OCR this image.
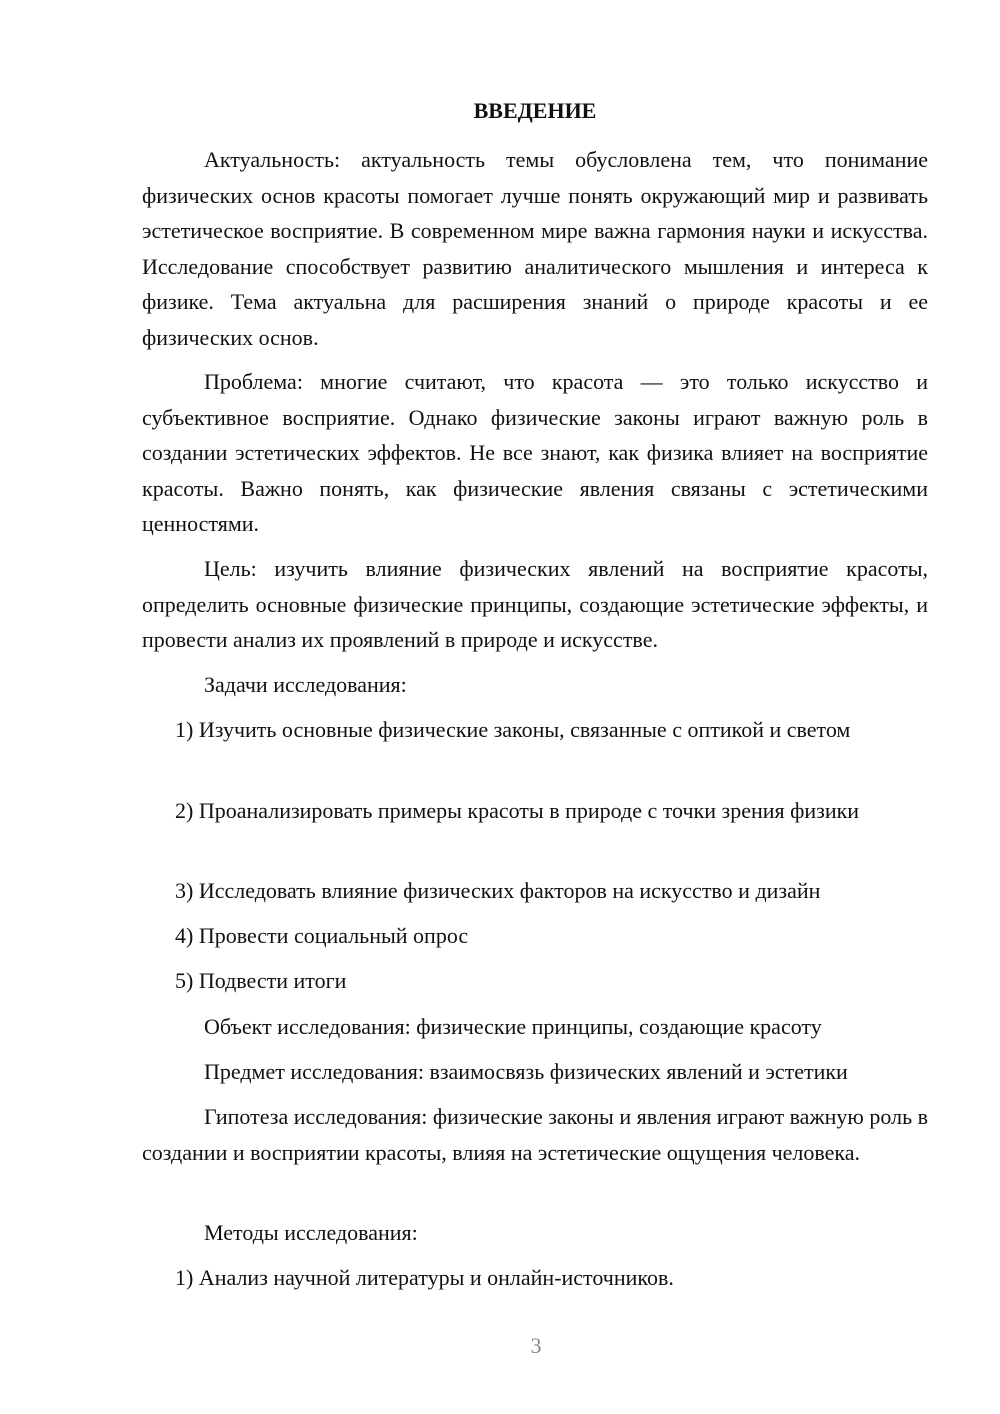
ВВЕДЕНИЕ

Актуальность: актуальность темы обусловлена тем, что понимание физических основ красоты помогает лучше понять окружающий мир и развивать эстетическое восприятие. В современном мире важна гармония науки и искусства. Исследование способствует развитию аналитического мышления и интереса к физике. Тема актуальна для расширения знаний о природе красоты и ее физических основ.

Проблема: многие считают, что красота — это только искусство и субъективное восприятие. Однако физические законы играют важную роль в создании эстетических эффектов. Не все знают, как физика влияет на восприятие красоты. Важно понять, как физические явления связаны с эстетическими ценностями.

Цель: изучить влияние физических явлений на восприятие красоты, определить основные физические принципы, создающие эстетические эффекты, и провести анализ их проявлений в природе и искусстве.

Задачи исследования:

1) Изучить основные физические законы, связанные с оптикой и светом

2) Проанализировать примеры красоты в природе с точки зрения физики

3) Исследовать влияние физических факторов на искусство и дизайн

4) Провести социальный опрос

5) Подвести итоги

Объект исследования: физические принципы, создающие красоту

Предмет исследования: взаимосвязь физических явлений и эстетики

Гипотеза исследования: физические законы и явления играют важную роль в создании и восприятии красоты, влияя на эстетические ощущения человека.

Методы исследования:

1) Анализ научной литературы и онлайн-источников.

3
